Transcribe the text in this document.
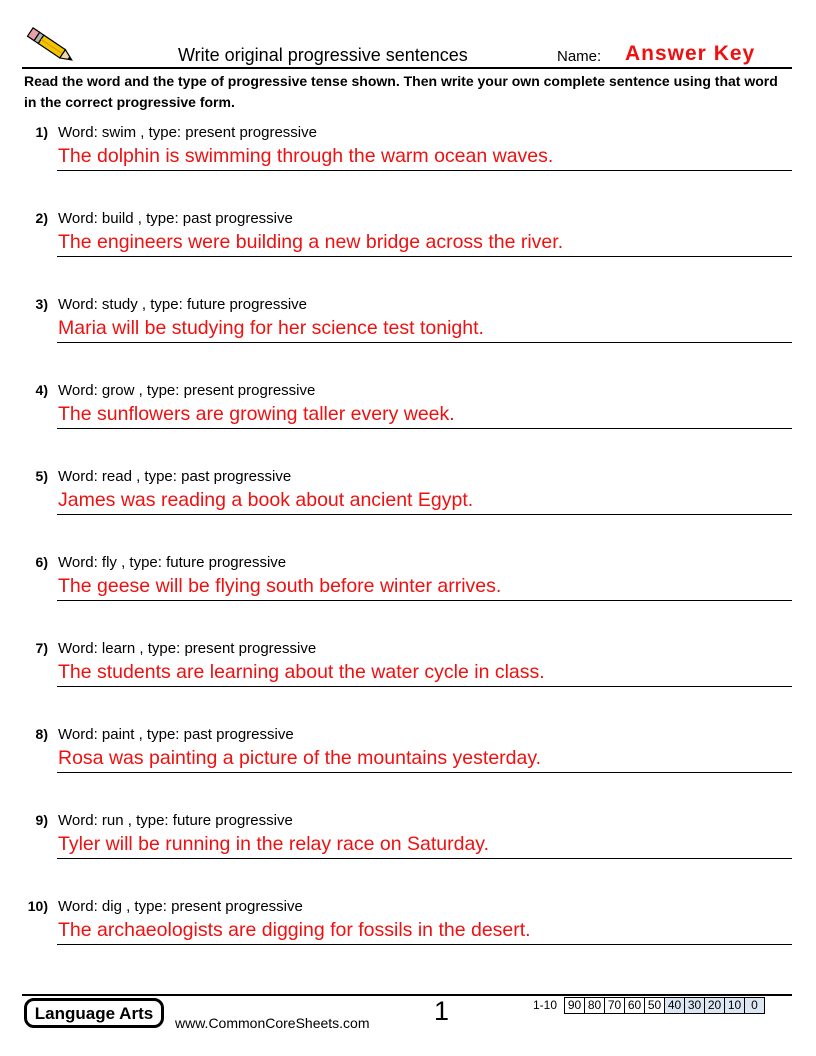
Write original progressive sentences	Name: Answer Key
Read the word and the type of progressive tense shown. Then write your own complete sentence using that word in the correct progressive form.
1) Word: swim , type: present progressive
The dolphin is swimming through the warm ocean waves.
2) Word: build , type: past progressive
The engineers were building a new bridge across the river.
3) Word: study , type: future progressive
Maria will be studying for her science test tonight.
4) Word: grow , type: present progressive
The sunflowers are growing taller every week.
5) Word: read , type: past progressive
James was reading a book about ancient Egypt.
6) Word: fly , type: future progressive
The geese will be flying south before winter arrives.
7) Word: learn , type: present progressive
The students are learning about the water cycle in class.
8) Word: paint , type: past progressive
Rosa was painting a picture of the mountains yesterday.
9) Word: run , type: future progressive
Tyler will be running in the relay race on Saturday.
10) Word: dig , type: present progressive
The archaeologists are digging for fossils in the desert.
Language Arts	www.CommonCoreSheets.com 1	1-10 90	80	70	60	50	40	30	20	10	0
